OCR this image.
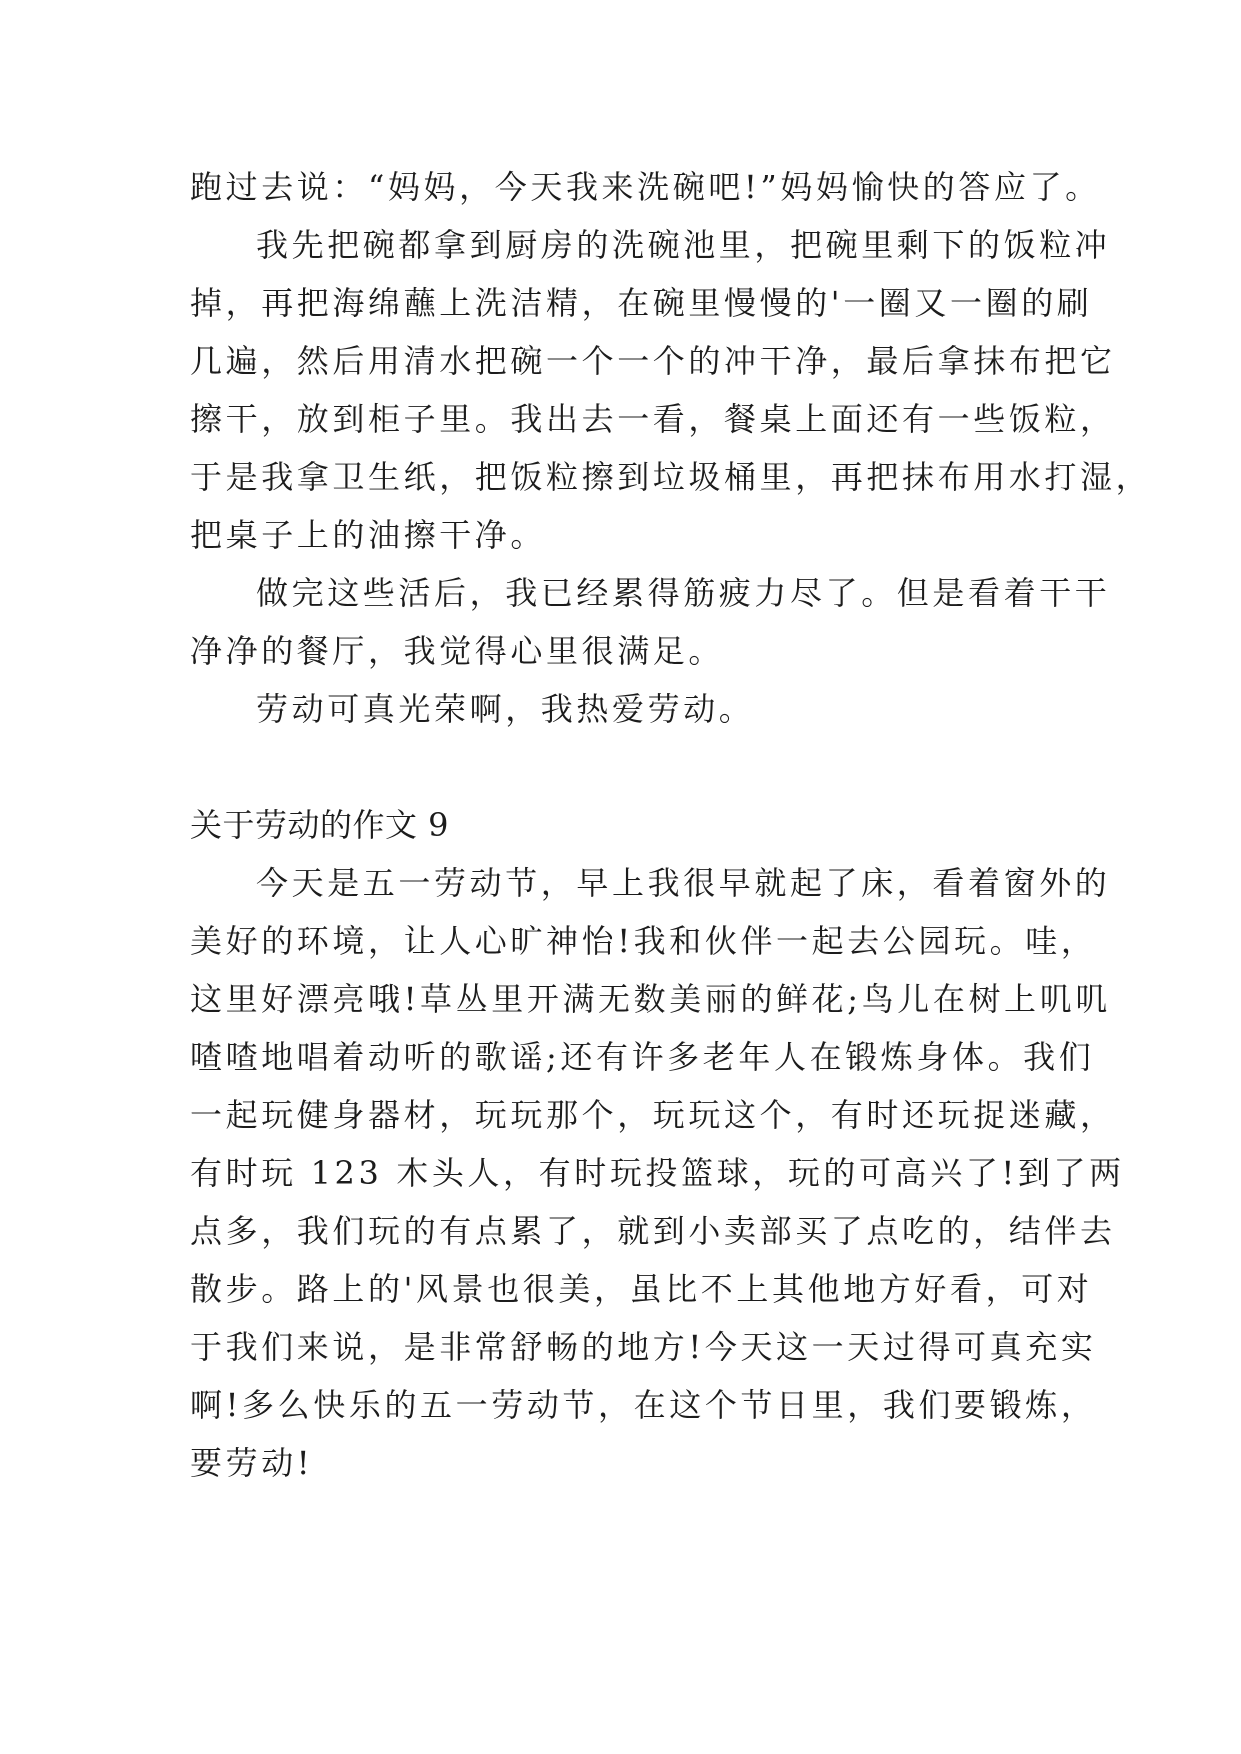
跑过去说：“妈妈，今天我来洗碗吧!”妈妈愉快的答应了。
我先把碗都拿到厨房的洗碗池里，把碗里剩下的饭粒冲
掉，再把海绵蘸上洗洁精，在碗里慢慢的'一圈又一圈的刷
几遍，然后用清水把碗一个一个的冲干净，最后拿抹布把它
擦干，放到柜子里。我出去一看，餐桌上面还有一些饭粒，
于是我拿卫生纸，把饭粒擦到垃圾桶里，再把抹布用水打湿，
把桌子上的油擦干净。
做完这些活后，我已经累得筋疲力尽了。但是看着干干
净净的餐厅，我觉得心里很满足。
劳动可真光荣啊，我热爱劳动。
关于劳动的作文 9
今天是五一劳动节，早上我很早就起了床，看着窗外的
美好的环境，让人心旷神怡!我和伙伴一起去公园玩。哇，
这里好漂亮哦!草丛里开满无数美丽的鲜花;鸟儿在树上叽叽
喳喳地唱着动听的歌谣;还有许多老年人在锻炼身体。我们
一起玩健身器材，玩玩那个，玩玩这个，有时还玩捉迷藏，
有时玩 123 木头人，有时玩投篮球，玩的可高兴了!到了两
点多，我们玩的有点累了，就到小卖部买了点吃的，结伴去
散步。路上的'风景也很美，虽比不上其他地方好看，可对
于我们来说，是非常舒畅的地方!今天这一天过得可真充实
啊!多么快乐的五一劳动节，在这个节日里，我们要锻炼，
要劳动!
